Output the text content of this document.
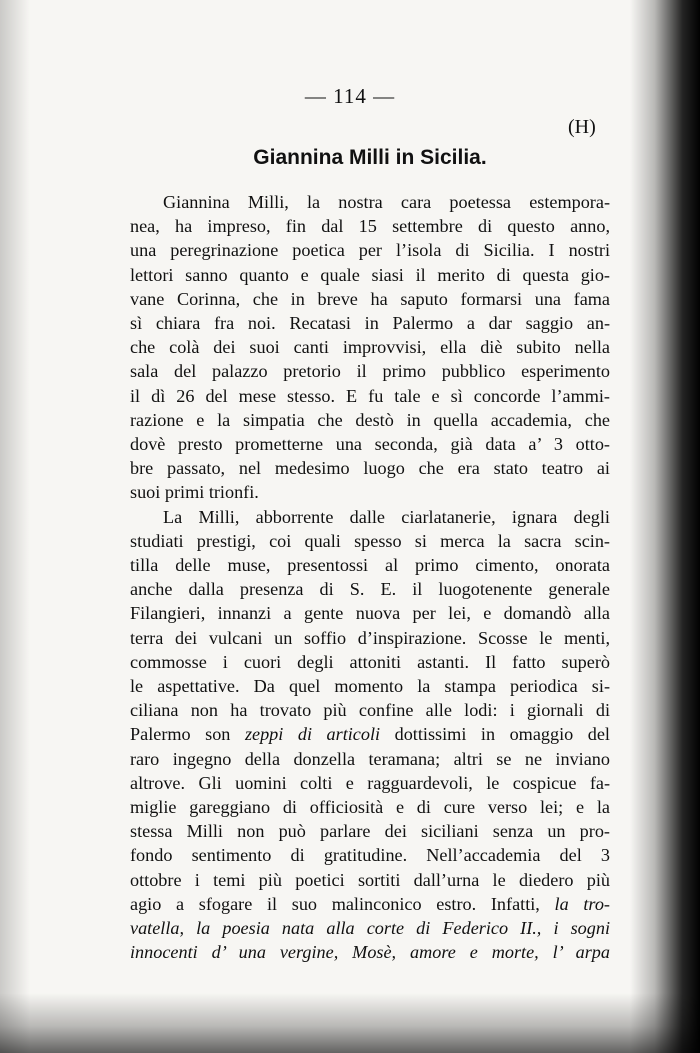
— 114 —
(H)
Giannina Milli in Sicilia.
Giannina Milli, la nostra cara poetessa estempora-
nea, ha impreso, fin dal 15 settembre di questo anno,
una peregrinazione poetica per l’isola di Sicilia. I nostri
lettori sanno quanto e quale siasi il merito di questa gio-
vane Corinna, che in breve ha saputo formarsi una fama
sì chiara fra noi. Recatasi in Palermo a dar saggio an-
che colà dei suoi canti improvvisi, ella diè subito nella
sala del palazzo pretorio il primo pubblico esperimento
il dì 26 del mese stesso. E fu tale e sì concorde l’ammi-
razione e la simpatia che destò in quella accademia, che
dovè presto prometterne una seconda, già data a’ 3 otto-
bre passato, nel medesimo luogo che era stato teatro ai
suoi primi trionfi.
La Milli, abborrente dalle ciarlatanerie, ignara degli
studiati prestigi, coi quali spesso si merca la sacra scin-
tilla delle muse, presentossi al primo cimento, onorata
anche dalla presenza di S. E. il luogotenente generale
Filangieri, innanzi a gente nuova per lei, e domandò alla
terra dei vulcani un soffio d’inspirazione. Scosse le menti,
commosse i cuori degli attoniti astanti. Il fatto superò
le aspettative. Da quel momento la stampa periodica si-
ciliana non ha trovato più confine alle lodi: i giornali di
Palermo son zeppi di articoli dottissimi in omaggio del
raro ingegno della donzella teramana; altri se ne inviano
altrove. Gli uomini colti e ragguardevoli, le cospicue fa-
miglie gareggiano di officiosità e di cure verso lei; e la
stessa Milli non può parlare dei siciliani senza un pro-
fondo sentimento di gratitudine. Nell’accademia del 3
ottobre i temi più poetici sortiti dall’urna le diedero più
agio a sfogare il suo malinconico estro. Infatti, la tro-
vatella, la poesia nata alla corte di Federico II., i sogni
innocenti d’ una vergine, Mosè, amore e morte, l’ arpa
